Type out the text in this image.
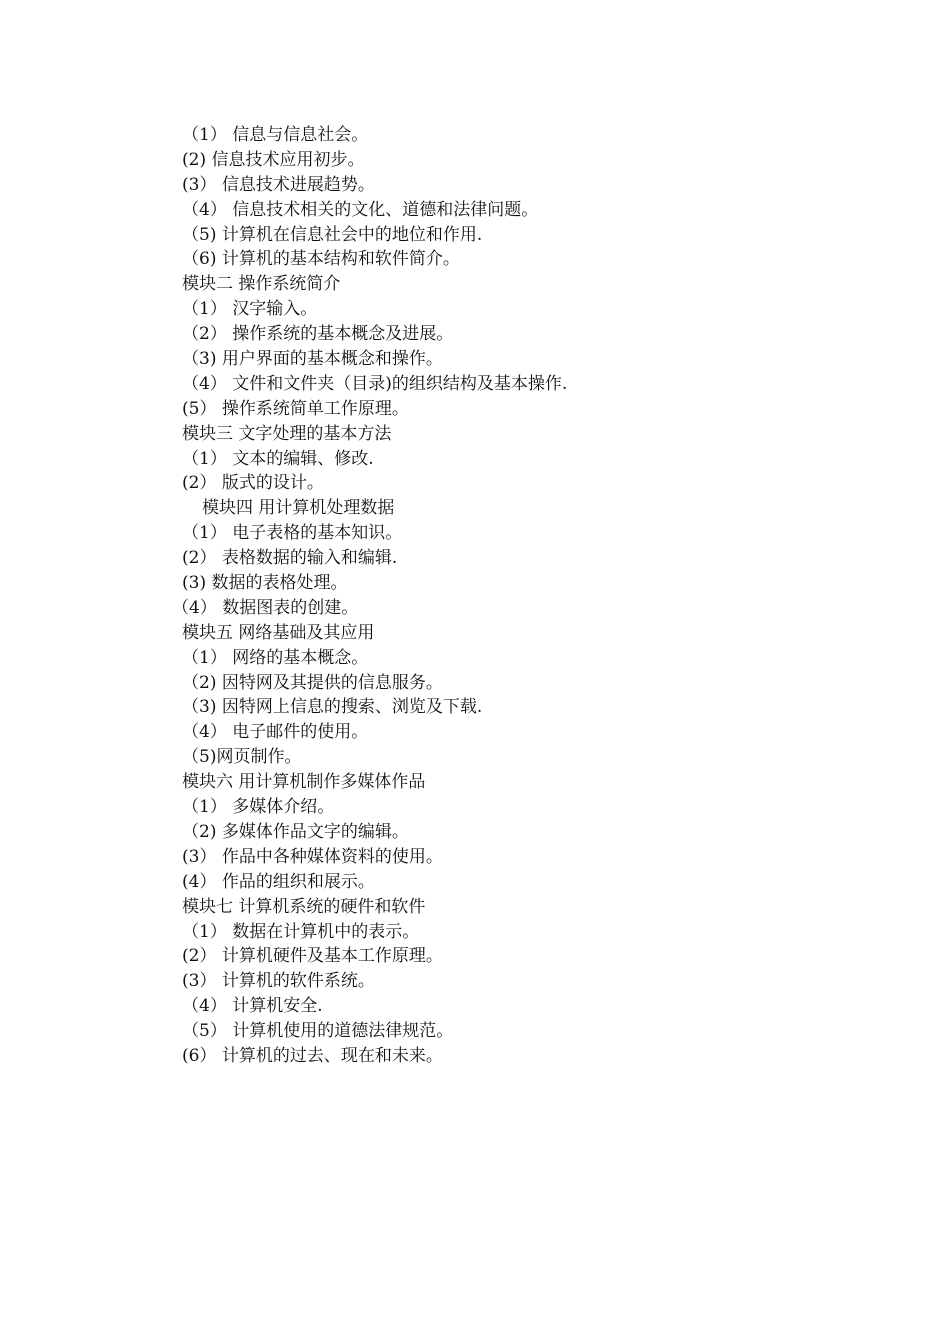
（1） 信息与信息社会。
(2) 信息技术应用初步。
(3） 信息技术进展趋势。
（4） 信息技术相关的文化、道德和法律问题。
（5) 计算机在信息社会中的地位和作用.
（6) 计算机的基本结构和软件简介。
模块二 操作系统简介
（1） 汉字输入。
（2） 操作系统的基本概念及进展。
（3) 用户界面的基本概念和操作。
（4） 文件和文件夹（目录)的组织结构及基本操作.
(5） 操作系统简单工作原理。
模块三 文字处理的基本方法
（1） 文本的编辑、修改.
(2） 版式的设计。
模块四 用计算机处理数据
（1） 电子表格的基本知识。
(2） 表格数据的输入和编辑.
(3) 数据的表格处理。
（4） 数据图表的创建。
模块五 网络基础及其应用
（1） 网络的基本概念。
（2) 因特网及其提供的信息服务。
（3) 因特网上信息的搜索、浏览及下载.
（4） 电子邮件的使用。
（5)网页制作。
模块六 用计算机制作多媒体作品
（1） 多媒体介绍。
（2) 多媒体作品文字的编辑。
(3） 作品中各种媒体资料的使用。
(4） 作品的组织和展示。
模块七 计算机系统的硬件和软件
（1） 数据在计算机中的表示。
(2） 计算机硬件及基本工作原理。
(3） 计算机的软件系统。
（4） 计算机安全.
（5） 计算机使用的道德法律规范。
(6） 计算机的过去、现在和未来。
